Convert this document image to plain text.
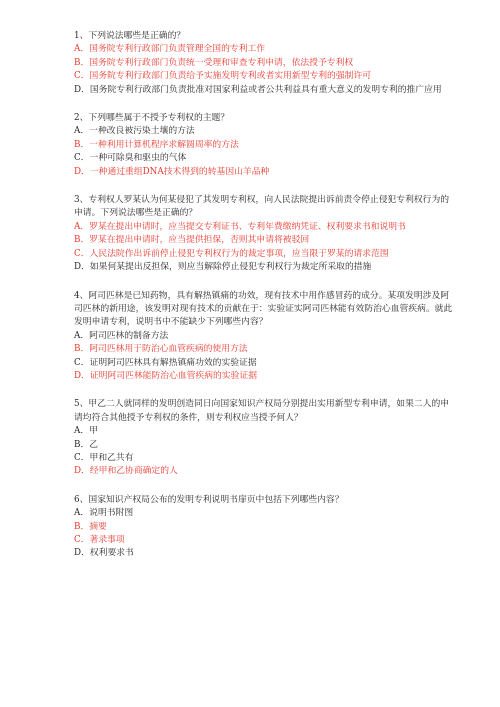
1、下列说法哪些是正确的？
A．国务院专利行政部门负责管理全国的专利工作
B．国务院专利行政部门负责统一受理和审查专利申请，依法授予专利权
C．国务院专利行政部门负责给予实施发明专利或者实用新型专利的强制许可
D．国务院专利行政部门负责批准对国家利益或者公共利益具有重大意义的发明专利的推广应用
2、下列哪些属于不授予专利权的主题？
A．一种改良被污染土壤的方法
B．一种利用计算机程序求解圆周率的方法
C．一种可除臭和驱虫的气体
D．一种通过重组DNA技术得到的转基因山羊品种
3、专利权人罗某认为何某侵犯了其发明专利权，向人民法院提出诉前责令停止侵犯专利权行为的申请。下列说法哪些是正确的？
A．罗某在提出申请时，应当提交专利证书、专利年费缴纳凭证、权利要求书和说明书
B．罗某在提出申请时，应当提供担保，否则其申请将被驳回
C．人民法院作出诉前停止侵犯专利权行为的裁定事项，应当限于罗某的请求范围
D．如果何某提出反担保，则应当解除停止侵犯专利权行为裁定所采取的措施
4、阿司匹林是已知药物，具有解热镇痛的功效，现有技术中用作感冒药的成分。某项发明涉及阿司匹林的新用途，该发明对现有技术的贡献在于：实验证实阿司匹林能有效防治心血管疾病。就此发明申请专利，说明书中不能缺少下列哪些内容？
A．阿司匹林的制备方法
B．阿司匹林用于防治心血管疾病的使用方法
C．证明阿司匹林具有解热镇痛功效的实验证据
D．证明阿司匹林能防治心血管疾病的实验证据
5、甲乙二人就同样的发明创造同日向国家知识产权局分别提出实用新型专利申请，如果二人的申请均符合其他授予专利权的条件，则专利权应当授予何人？
A．甲
B．乙
C．甲和乙共有
D．经甲和乙协商确定的人
6、国家知识产权局公布的发明专利说明书扉页中包括下列哪些内容？
A．说明书附图
B．摘要
C．著录事项
D．权利要求书
